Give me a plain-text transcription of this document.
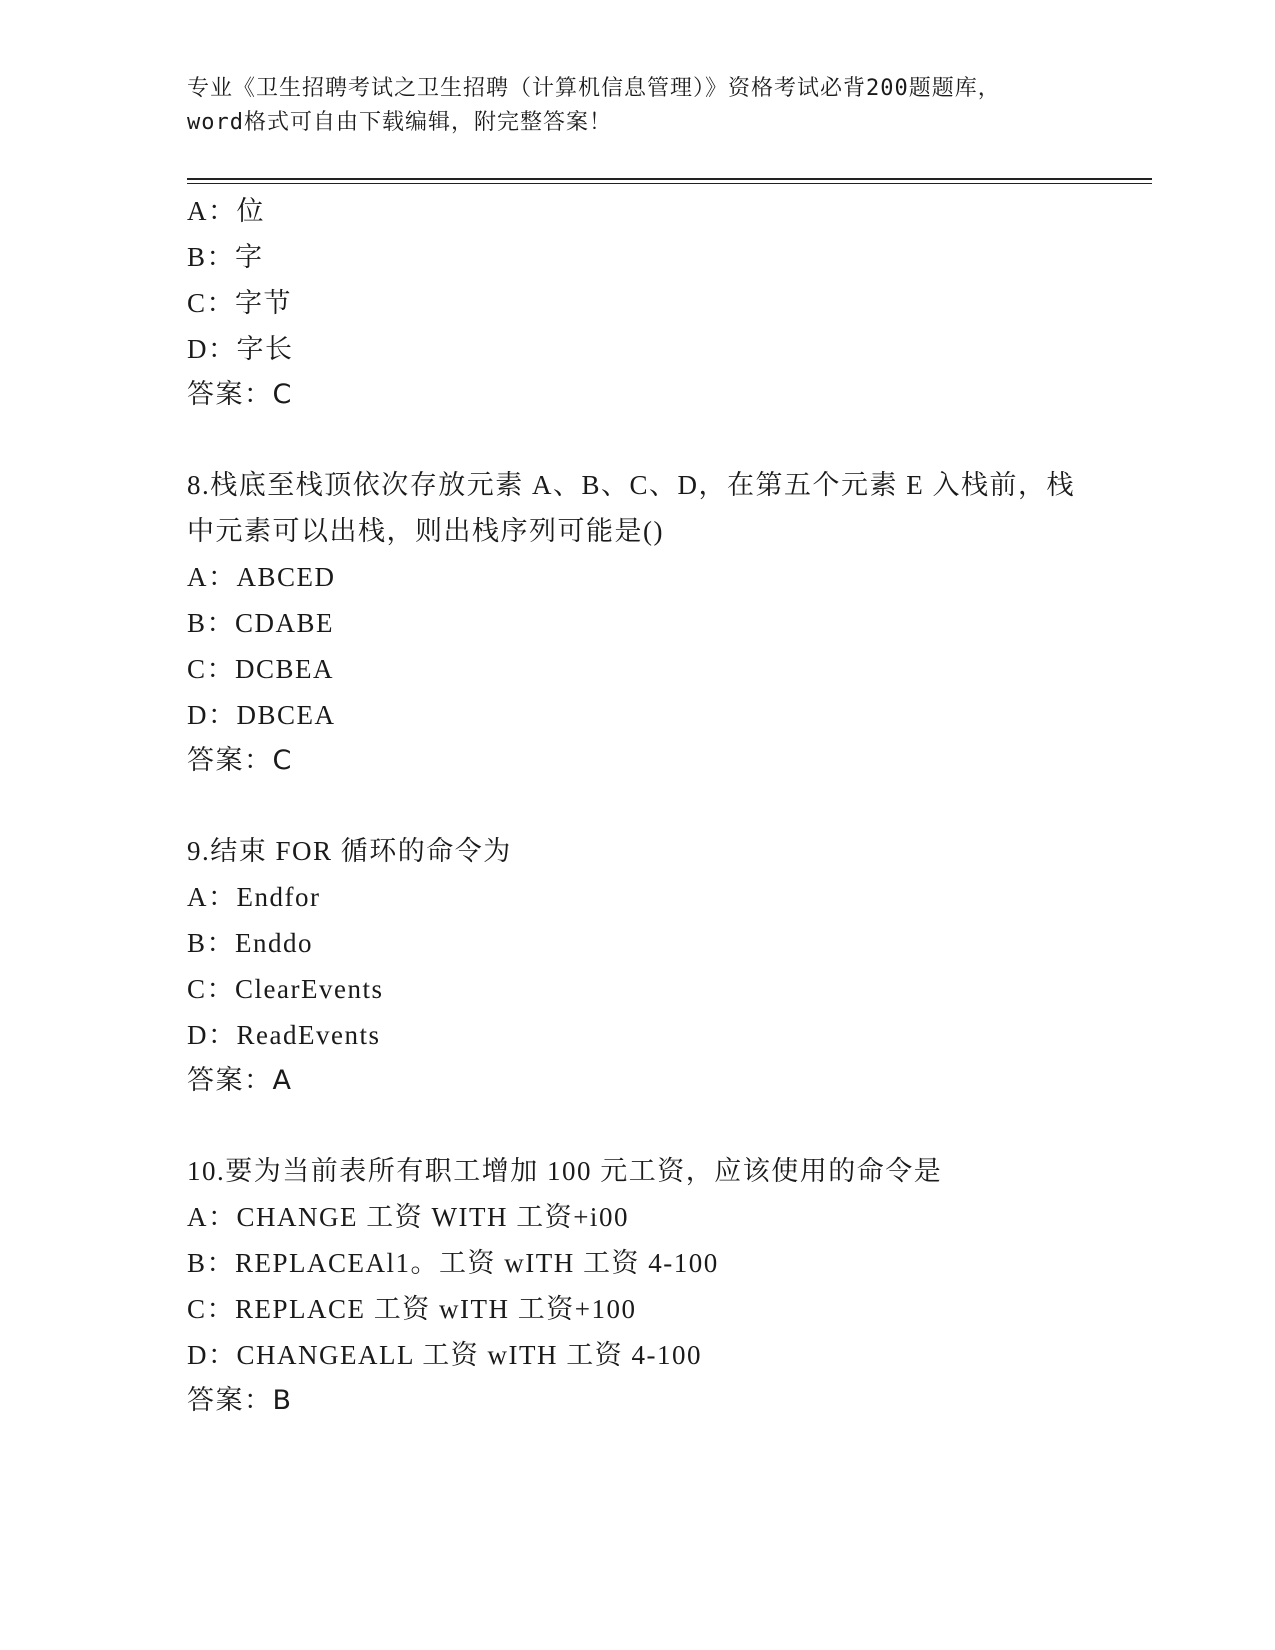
专业《卫生招聘考试之卫生招聘（计算机信息管理）》资格考试必背200题题库，
word格式可自由下载编辑，附完整答案！
A：位
B：字
C：字节
D：字长
答案：C
8.栈底至栈顶依次存放元素 A、B、C、D，在第五个元素 E 入栈前，栈
中元素可以出栈，则出栈序列可能是()
A：ABCED
B：CDABE
C：DCBEA
D：DBCEA
答案：C
9.结束 FOR 循环的命令为
A：Endfor
B：Enddo
C：ClearEvents
D：ReadEvents
答案：A
10.要为当前表所有职工增加 100 元工资，应该使用的命令是
A：CHANGE 工资 WITH 工资+i00
B：REPLACEAl1。工资 wITH 工资 4-100
C：REPLACE 工资 wITH 工资+100
D：CHANGEALL 工资 wITH 工资 4-100
答案：B
